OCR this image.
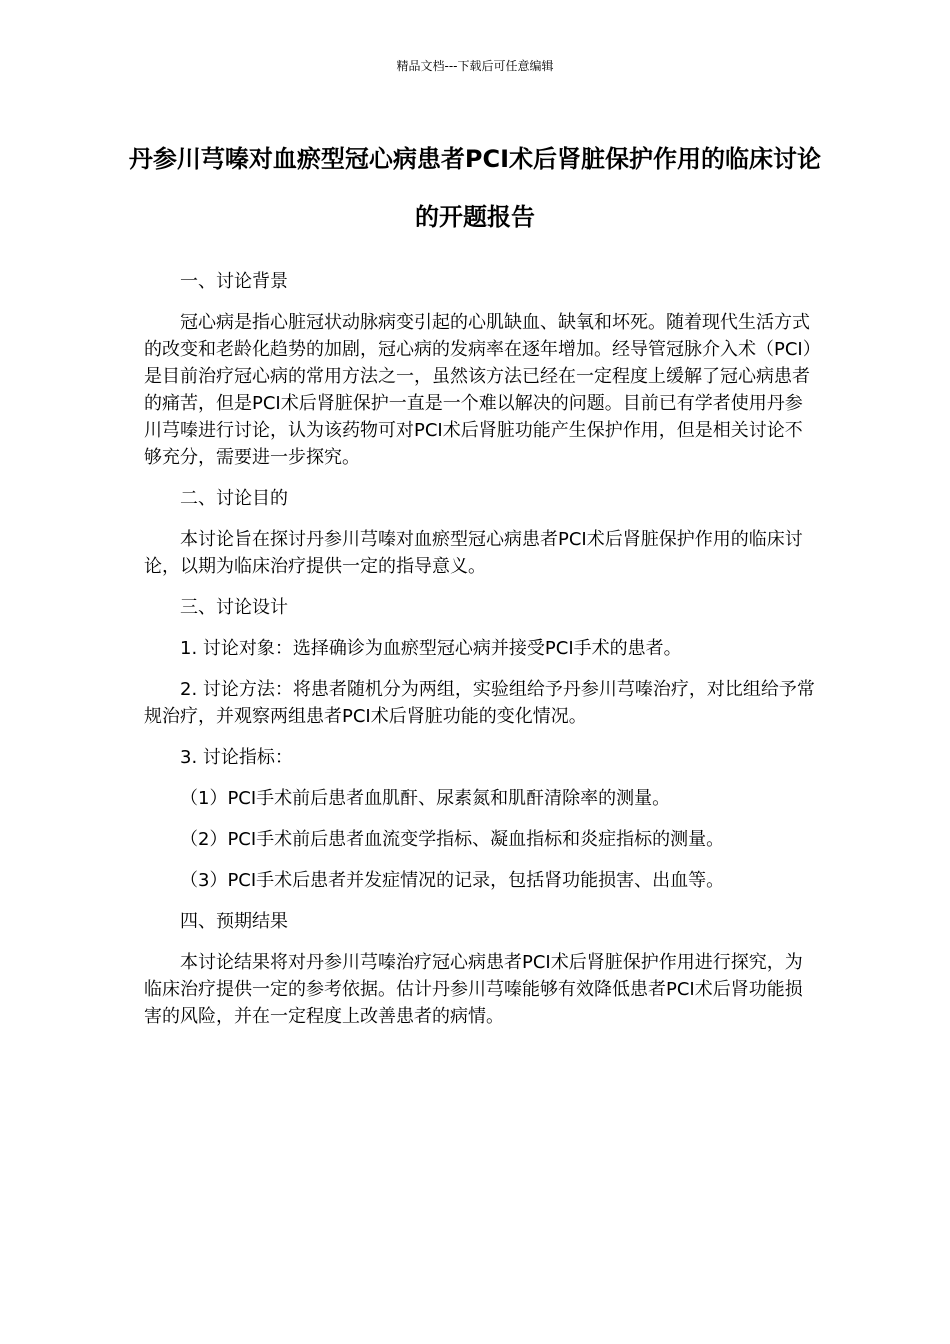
精品文档---下载后可任意编辑
丹参川芎嗪对血瘀型冠心病患者PCI术后肾脏保护作用的临床讨论的开题报告

一、讨论背景

冠心病是指心脏冠状动脉病变引起的心肌缺血、缺氧和坏死。随着现代生活方式的改变和老龄化趋势的加剧，冠心病的发病率在逐年增加。经导管冠脉介入术（PCI）是目前治疗冠心病的常用方法之一，虽然该方法已经在一定程度上缓解了冠心病患者的痛苦，但是PCI术后肾脏保护一直是一个难以解决的问题。目前已有学者使用丹参川芎嗪进行讨论，认为该药物可对PCI术后肾脏功能产生保护作用，但是相关讨论不够充分，需要进一步探究。

二、讨论目的

本讨论旨在探讨丹参川芎嗪对血瘀型冠心病患者PCI术后肾脏保护作用的临床讨论，以期为临床治疗提供一定的指导意义。

三、讨论设计

1. 讨论对象：选择确诊为血瘀型冠心病并接受PCI手术的患者。

2. 讨论方法：将患者随机分为两组，实验组给予丹参川芎嗪治疗，对比组给予常规治疗，并观察两组患者PCI术后肾脏功能的变化情况。

3. 讨论指标：

（1）PCI手术前后患者血肌酐、尿素氮和肌酐清除率的测量。

（2）PCI手术前后患者血流变学指标、凝血指标和炎症指标的测量。

（3）PCI手术后患者并发症情况的记录，包括肾功能损害、出血等。

四、预期结果

本讨论结果将对丹参川芎嗪治疗冠心病患者PCI术后肾脏保护作用进行探究，为临床治疗提供一定的参考依据。估计丹参川芎嗪能够有效降低患者PCI术后肾功能损害的风险，并在一定程度上改善患者的病情。
